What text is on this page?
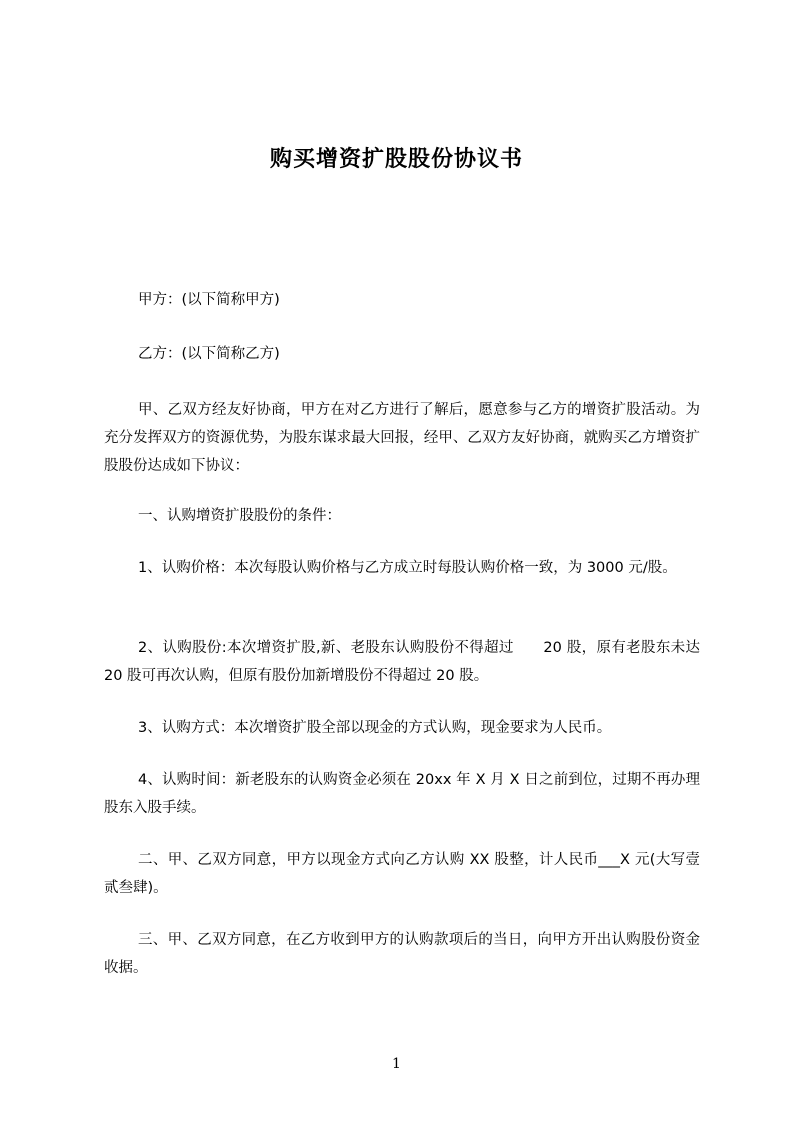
购买增资扩股股份协议书

甲方：(以下简称甲方)

乙方：(以下简称乙方)

甲、乙双方经友好协商，甲方在对乙方进行了解后，愿意参与乙方的增资扩股活动。为充分发挥双方的资源优势，为股东谋求最大回报，经甲、乙双方友好协商，就购买乙方增资扩股股份达成如下协议：

一、认购增资扩股股份的条件：

1、认购价格：本次每股认购价格与乙方成立时每股认购价格一致，为 3000 元/股。

2、认购股份:本次增资扩股,新、老股东认购股份不得超过　　20 股，原有老股东未达 20 股可再次认购，但原有股份加新增股份不得超过 20 股。

3、认购方式：本次增资扩股全部以现金的方式认购，现金要求为人民币。

4、认购时间：新老股东的认购资金必须在 20xx 年 X 月 X 日之前到位，过期不再办理股东入股手续。

二、甲、乙双方同意，甲方以现金方式向乙方认购 XX 股整，计人民币___X 元(大写壹贰叁肆)。

三、甲、乙双方同意，在乙方收到甲方的认购款项后的当日，向甲方开出认购股份资金收据。

1
